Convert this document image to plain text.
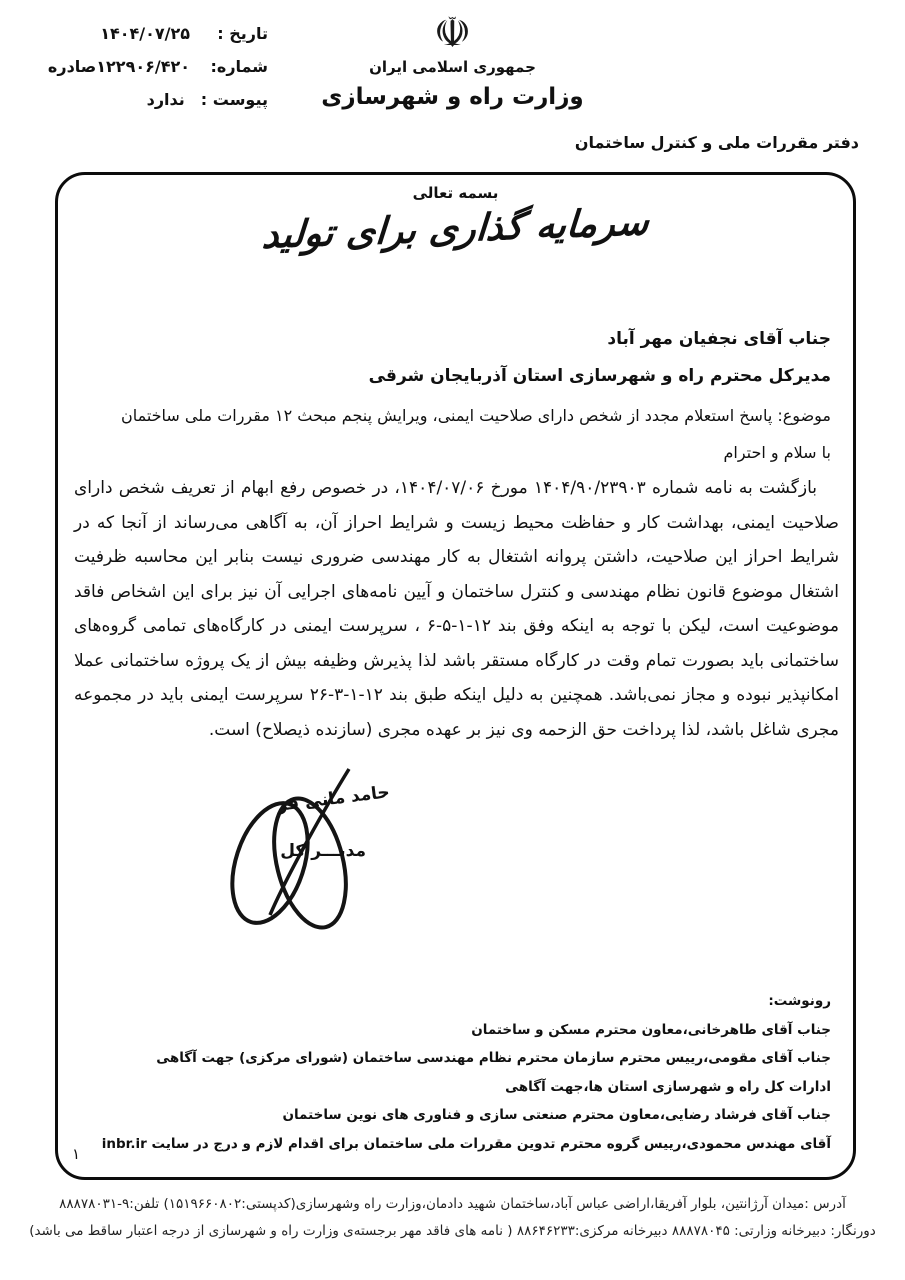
☫
جمهوری اسلامی ایران
وزارت راه و شهرسازی
دفتر مقررات ملی و کنترل ساختمان
تاریخ :
۱۴۰۴/۰۷/۲۵
شماره:
۱۲۲۹۰۶/۴۲۰صادره
پیوست :
ندارد
بسمه تعالی
سرمایه گذاری برای تولید
جناب آقای نجفیان مهر آباد
مدیرکل محترم راه و شهرسازی استان آذربایجان شرقی
موضوع: پاسخ استعلام مجدد از شخص دارای صلاحیت ایمنی، ویرایش پنجم مبحث ۱۲ مقررات ملی ساختمان
با سلام و احترام

بازگشت به نامه شماره ۱۴۰۴/۹۰/۲۳۹۰۳ مورخ ۱۴۰۴/۰۷/۰۶، در خصوص رفع ابهام از تعریف شخص دارای صلاحیت ایمنی، بهداشت کار و حفاظت محیط زیست و شرایط احراز آن، به آگاهی می‌رساند از آنجا که در شرایط احراز این صلاحیت، داشتن پروانه اشتغال به کار مهندسی ضروری نیست بنابر این محاسبه ظرفیت اشتغال موضوع قانون نظام مهندسی و کنترل ساختمان و آیین نامه‌های اجرایی آن نیز برای این اشخاص فاقد موضوعیت است، لیکن با توجه به اینکه وفق بند ۱۲-۱-۵-۶ ، سرپرست ایمنی در کارگاه‌های تمامی گروه‌های ساختمانی باید بصورت تمام وقت در کارگاه مستقر باشد لذا پذیرش وظیفه بیش از یک پروژه ساختمانی عملا امکانپذیر نبوده و مجاز نمی‌باشد. همچنین به دلیل اینکه طبق بند ۱۲-۱-۳-۲۶ سرپرست ایمنی باید در مجموعه مجری شاغل باشد، لذا پرداخت حق الزحمه وی نیز بر عهده مجری (سازنده ذیصلاح) است.

حامد مانی فر
مدیـــر کل
رونوشت:
جناب آقای طاهرخانی،معاون محترم مسکن و ساختمان
جناب آقای مقومی،رییس محترم سازمان محترم نظام مهندسی ساختمان (شورای مرکزی) جهت آگاهی
ادارات کل راه و شهرسازی استان ها،جهت آگاهی
جناب آقای فرشاد رضایی،معاون محترم صنعتی سازی و فناوری های نوین ساختمان
آقای مهندس محمودی،رییس گروه محترم تدوین مقررات ملی ساختمان برای اقدام لازم و درج در سایت inbr.ir
۱
آدرس :میدان آرژانتین، بلوار آفریقا،اراضی عباس آباد،ساختمان شهید دادمان،وزارت راه وشهرسازی(کدپستی:۱۵۱۹۶۶۰۸۰۲) تلفن:۹-۸۸۸۷۸۰۳۱
دورنگار: دبیرخانه وزارتی: ۸۸۸۷۸۰۴۵ دبیرخانه مرکزی:۸۸۶۴۶۲۳۳ ( نامه های فاقد مهر برجسته‌ی وزارت راه و شهرسازی از درجه اعتبار ساقط می باشد)
